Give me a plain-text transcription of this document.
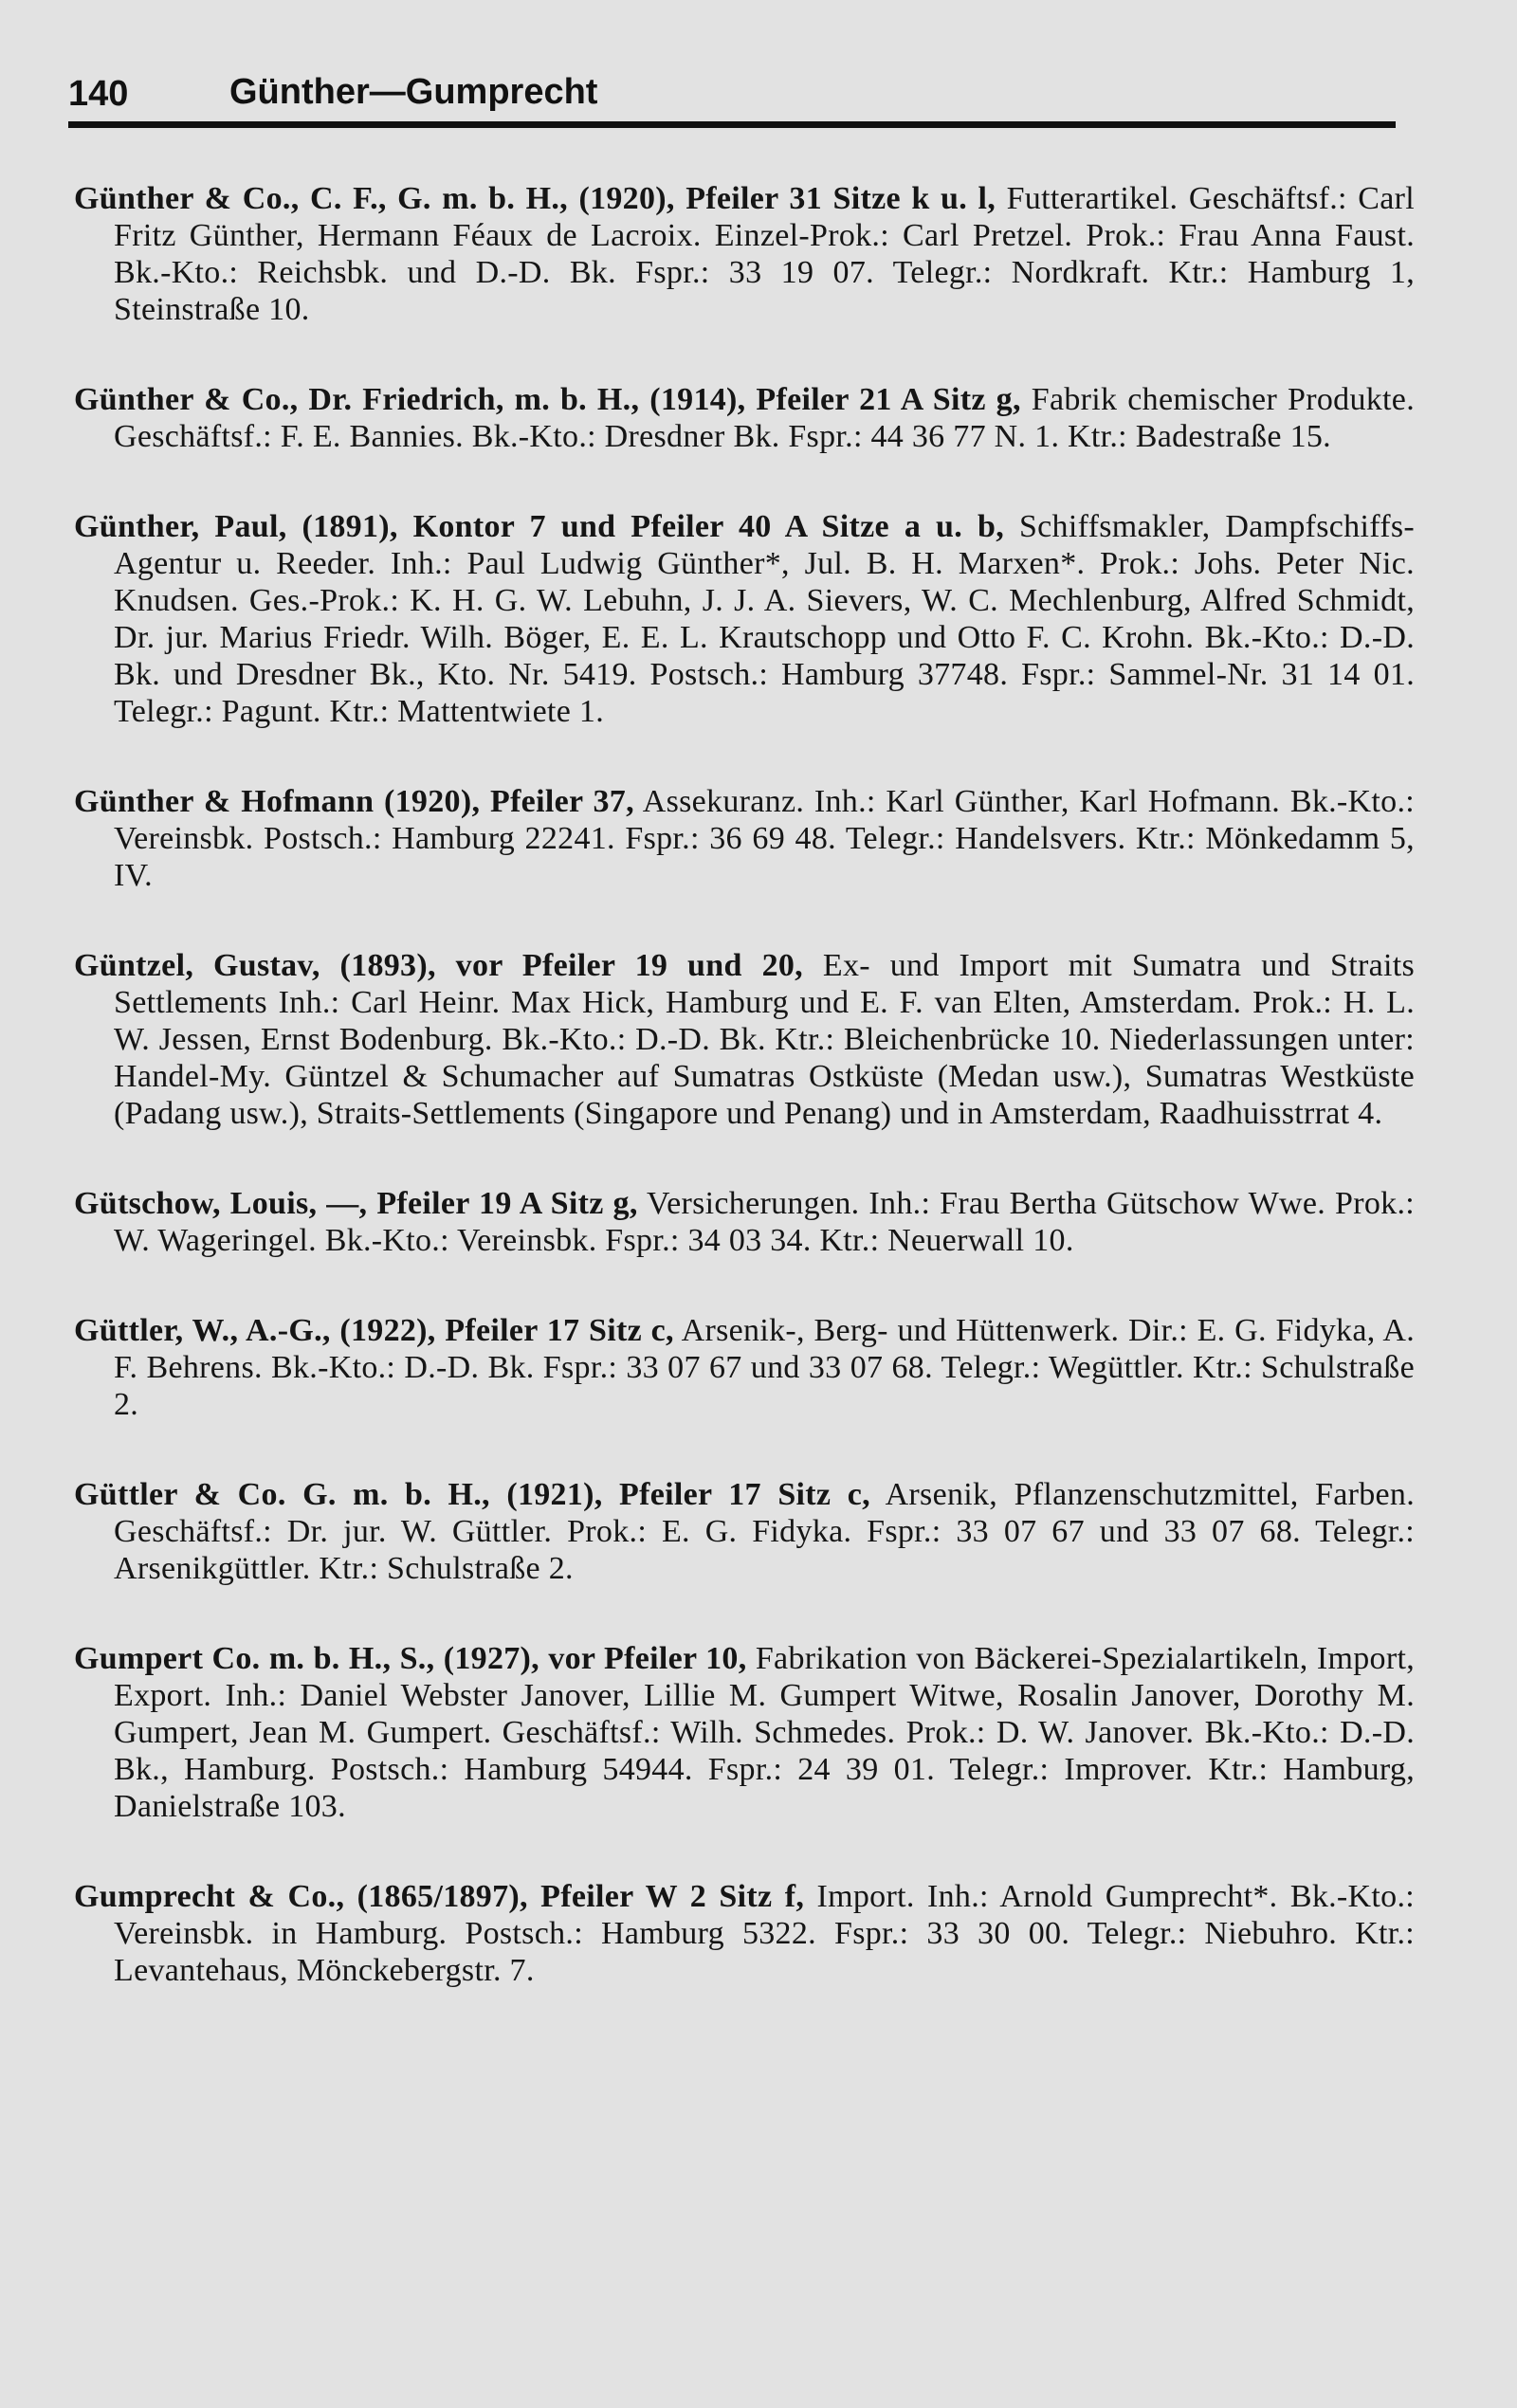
140	Günther—Gumprecht

Günther & Co., C. F., G. m. b. H., (1920), Pfeiler 31 Sitze k u. l, Futterartikel. Geschäftsf.: Carl Fritz Günther, Hermann Féaux de Lacroix. Einzel-Prok.: Carl Pretzel. Prok.: Frau Anna Faust. Bk.-Kto.: Reichsbk. und D.-D. Bk. Fspr.: 33 19 07. Telegr.: Nordkraft. Ktr.: Hamburg 1, Steinstraße 10.

Günther & Co., Dr. Friedrich, m. b. H., (1914), Pfeiler 21 A Sitz g, Fabrik chemischer Produkte. Geschäftsf.: F. E. Bannies. Bk.-Kto.: Dresdner Bk. Fspr.: 44 36 77 N. 1. Ktr.: Badestraße 15.

Günther, Paul, (1891), Kontor 7 und Pfeiler 40 A Sitze a u. b, Schiffsmakler, Dampfschiffs-Agentur u. Reeder. Inh.: Paul Ludwig Günther*, Jul. B. H. Marxen*. Prok.: Johs. Peter Nic. Knudsen. Ges.-Prok.: K. H. G. W. Lebuhn, J. J. A. Sievers, W. C. Mechlenburg, Alfred Schmidt, Dr. jur. Marius Friedr. Wilh. Böger, E. E. L. Krautschopp und Otto F. C. Krohn. Bk.-Kto.: D.-D. Bk. und Dresdner Bk., Kto. Nr. 5419. Postsch.: Hamburg 37748. Fspr.: Sammel-Nr. 31 14 01. Telegr.: Pagunt. Ktr.: Mattentwiete 1.

Günther & Hofmann (1920), Pfeiler 37, Assekuranz. Inh.: Karl Günther, Karl Hofmann. Bk.-Kto.: Vereinsbk. Postsch.: Hamburg 22241. Fspr.: 36 69 48. Telegr.: Handelsvers. Ktr.: Mönkedamm 5, IV.

Güntzel, Gustav, (1893), vor Pfeiler 19 und 20, Ex- und Import mit Sumatra und Straits Settlements Inh.: Carl Heinr. Max Hick, Hamburg und E. F. van Elten, Amsterdam. Prok.: H. L. W. Jessen, Ernst Bodenburg. Bk.-Kto.: D.-D. Bk. Ktr.: Bleichenbrücke 10. Niederlassungen unter: Handel-My. Güntzel & Schumacher auf Sumatras Ostküste (Medan usw.), Sumatras Westküste (Padang usw.), Straits-Settlements (Singapore und Penang) und in Amsterdam, Raadhuisstrrat 4.

Gütschow, Louis, —, Pfeiler 19 A Sitz g, Versicherungen. Inh.: Frau Bertha Gütschow Wwe. Prok.: W. Wageringel. Bk.-Kto.: Vereinsbk. Fspr.: 34 03 34. Ktr.: Neuerwall 10.

Güttler, W., A.-G., (1922), Pfeiler 17 Sitz c, Arsenik-, Berg- und Hüttenwerk. Dir.: E. G. Fidyka, A. F. Behrens. Bk.-Kto.: D.-D. Bk. Fspr.: 33 07 67 und 33 07 68. Telegr.: Wegüttler. Ktr.: Schulstraße 2.

Güttler & Co. G. m. b. H., (1921), Pfeiler 17 Sitz c, Arsenik, Pflanzenschutzmittel, Farben. Geschäftsf.: Dr. jur. W. Güttler. Prok.: E. G. Fidyka. Fspr.: 33 07 67 und 33 07 68. Telegr.: Arsenikgüttler. Ktr.: Schulstraße 2.

Gumpert Co. m. b. H., S., (1927), vor Pfeiler 10, Fabrikation von Bäckerei-Spezialartikeln, Import, Export. Inh.: Daniel Webster Janover, Lillie M. Gumpert Witwe, Rosalin Janover, Dorothy M. Gumpert, Jean M. Gumpert. Geschäftsf.: Wilh. Schmedes. Prok.: D. W. Janover. Bk.-Kto.: D.-D. Bk., Hamburg. Postsch.: Hamburg 54944. Fspr.: 24 39 01. Telegr.: Improver. Ktr.: Hamburg, Danielstraße 103.

Gumprecht & Co., (1865/1897), Pfeiler W 2 Sitz f, Import. Inh.: Arnold Gumprecht*. Bk.-Kto.: Vereinsbk. in Hamburg. Postsch.: Hamburg 5322. Fspr.: 33 30 00. Telegr.: Niebuhro. Ktr.: Levantehaus, Mönckebergstr. 7.
